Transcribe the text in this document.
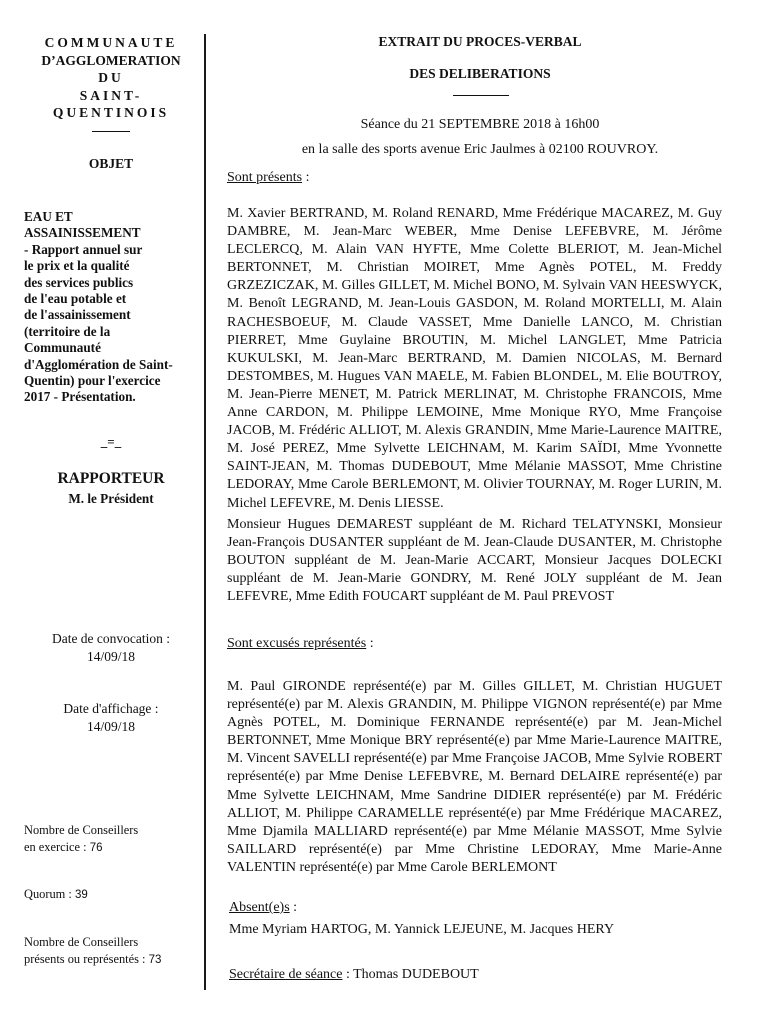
COMMUNAUTE
D’AGGLOMERATION
DU
SAINT-
QUENTINOIS
OBJET
EAU ET
ASSAINISSEMENT
- Rapport annuel sur
le prix et la qualité
des services publics
de l'eau potable et
de l'assainissement
(territoire de la
Communauté
d'Agglomération de Saint-
Quentin) pour l'exercice
2017 - Présentation.
_=_
RAPPORTEUR
M. le Président
Date de convocation :
14/09/18
Date d'affichage :
14/09/18
Nombre de Conseillers
en exercice : 76
Quorum : 39
Nombre de Conseillers
présents ou représentés : 73
EXTRAIT DU PROCES-VERBAL
DES DELIBERATIONS
Séance du 21 SEPTEMBRE 2018 à 16h00
en la salle des sports avenue Eric Jaulmes à 02100 ROUVROY.
Sont présents :
M. Xavier BERTRAND, M. Roland RENARD, Mme Frédérique MACAREZ, M. Guy DAMBRE, M. Jean-Marc WEBER, Mme Denise LEFEBVRE, M. Jérôme LECLERCQ, M. Alain VAN HYFTE, Mme Colette BLERIOT, M. Jean-Michel BERTONNET, M. Christian MOIRET, Mme Agnès POTEL, M. Freddy GRZEZICZAK, M. Gilles GILLET, M. Michel BONO, M. Sylvain VAN HEESWYCK, M. Benoît LEGRAND, M. Jean-Louis GASDON, M. Roland MORTELLI, M. Alain RACHESBOEUF, M. Claude VASSET, Mme Danielle LANCO, M. Christian PIERRET, Mme Guylaine BROUTIN, M. Michel LANGLET, Mme Patricia KUKULSKI, M. Jean-Marc BERTRAND, M. Damien NICOLAS, M. Bernard DESTOMBES, M. Hugues VAN MAELE, M. Fabien BLONDEL, M. Elie BOUTROY, M. Jean-Pierre MENET, M. Patrick MERLINAT, M. Christophe FRANCOIS, Mme Anne CARDON, M. Philippe LEMOINE, Mme Monique RYO, Mme Françoise JACOB, M. Frédéric ALLIOT, M. Alexis GRANDIN, Mme Marie-Laurence MAITRE, M. José PEREZ, Mme Sylvette LEICHNAM, M. Karim SAÏDI, Mme Yvonnette SAINT-JEAN, M. Thomas DUDEBOUT, Mme Mélanie MASSOT, Mme Christine LEDORAY, Mme Carole BERLEMONT, M. Olivier TOURNAY, M. Roger LURIN, M. Michel LEFEVRE, M. Denis LIESSE.
Monsieur Hugues DEMAREST suppléant de M. Richard TELATYNSKI, Monsieur Jean-François DUSANTER suppléant de M. Jean-Claude DUSANTER, M. Christophe BOUTON suppléant de M. Jean-Marie ACCART, Monsieur Jacques DOLECKI suppléant de M. Jean-Marie GONDRY, M. René JOLY suppléant de M. Jean LEFEVRE, Mme Edith FOUCART suppléant de M. Paul PREVOST
Sont excusés représentés :
M. Paul GIRONDE représenté(e) par M. Gilles GILLET, M. Christian HUGUET représenté(e) par M. Alexis GRANDIN, M. Philippe VIGNON représenté(e) par Mme Agnès POTEL, M. Dominique FERNANDE représenté(e) par M. Jean-Michel BERTONNET, Mme Monique BRY représenté(e) par Mme Marie-Laurence MAITRE, M. Vincent SAVELLI représenté(e) par Mme Françoise JACOB, Mme Sylvie ROBERT représenté(e) par Mme Denise LEFEBVRE, M. Bernard DELAIRE représenté(e) par Mme Sylvette LEICHNAM, Mme Sandrine DIDIER représenté(e) par M. Frédéric ALLIOT, M. Philippe CARAMELLE représenté(e) par Mme Frédérique MACAREZ, Mme Djamila MALLIARD représenté(e) par Mme Mélanie MASSOT, Mme Sylvie SAILLARD représenté(e) par Mme Christine LEDORAY, Mme Marie-Anne VALENTIN représenté(e) par Mme Carole BERLEMONT
Absent(e)s :
Mme Myriam HARTOG, M. Yannick LEJEUNE, M. Jacques HERY
Secrétaire de séance : Thomas DUDEBOUT
